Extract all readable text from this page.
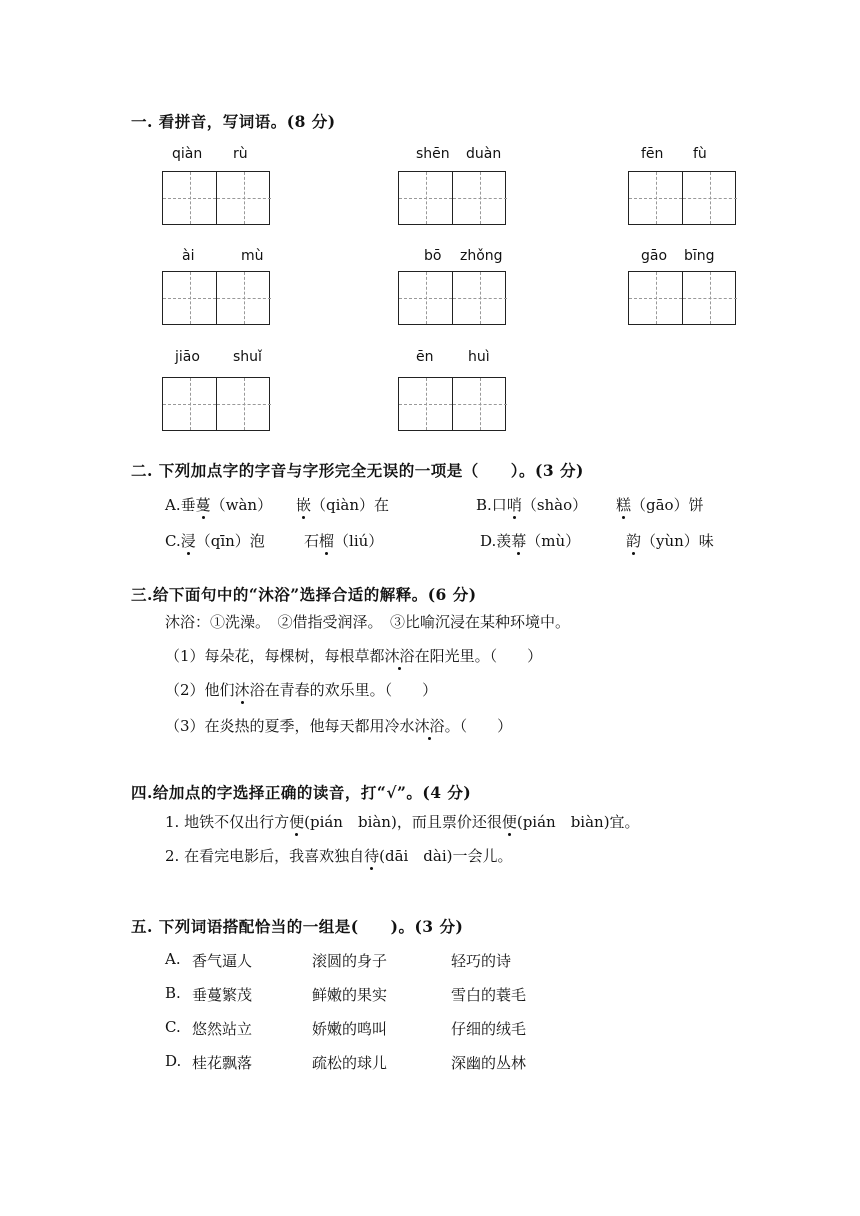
一. 看拼音，写词语。(8 分)
qiàn rù	shēn duàn	fēn fù
ài	mù	bō zhǒng	gāo bīng
jiāo shuǐ	ēn huì
二. 下列加点字的字音与字形完全无误的一项是（　　）。(3 分)
A.垂蔓（wàn） 嵌（qiàn）在	B.口哨（shào） 糕（gāo）饼
C.浸（qīn）泡	石榴（liú）	D.羡幕（mù）	韵（yùn）味
三.给下面句中的“沐浴”选择合适的解释。(6 分)
沐浴：①洗澡。　②借指受润泽。　③比喻沉浸在某种环境中。
（1）每朵花，每棵树，每根草都沐浴在阳光里。（　　）
（2）他们沐浴在青春的欢乐里。（　　）
（3）在炎热的夏季，他每天都用冷水沐浴。（　　）
四.给加点的字选择正确的读音，打“√”。(4 分)
1. 地铁不仅出行方便(pián　biàn)，而且票价还很便(pián　biàn)宜。
2. 在看完电影后，我喜欢独自待(dāi　dài)一会儿。
五. 下列词语搭配恰当的一组是(　　)。(3 分)
A. 香气逼人	滚圆的身子	轻巧的诗
B. 垂蔓繁茂	鲜嫩的果实	雪白的蓑毛
C. 悠然站立	娇嫩的鸣叫	仔细的绒毛
D. 桂花飘落	疏松的球儿	深幽的丛林
